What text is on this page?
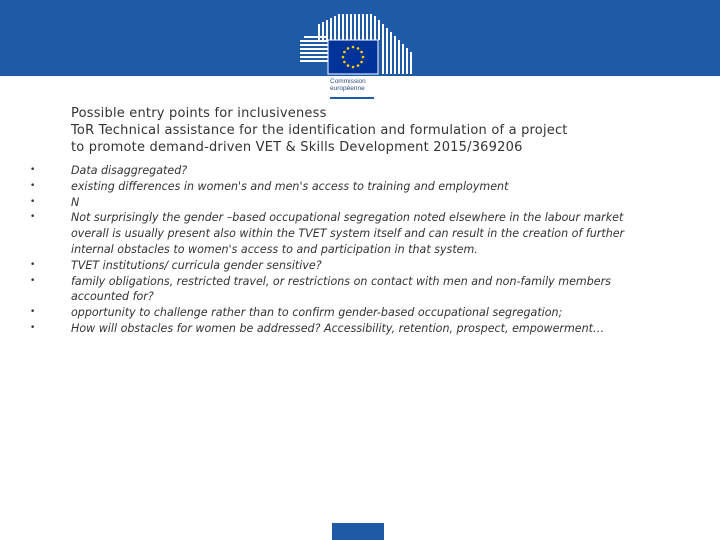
Commission
européenne
Possible entry points for inclusiveness
ToR Technical assistance for the identification and formulation of a project
to promote demand-driven VET & Skills Development 2015/369206
•	Data disaggregated?
•	existing differences in women's and men's access to training and employment
•	N
•	Not surprisingly the gender –based occupational segregation noted elsewhere in the labour market
overall is usually present also within the TVET system itself and can result in the creation of further
internal obstacles to women's access to and participation in that system.
•	TVET institutions/ curricula gender sensitive?
•	family obligations, restricted travel, or restrictions on contact with men and non-family members
accounted for?
•	opportunity to challenge rather than to confirm gender-based occupational segregation;
•	How will obstacles for women be addressed? Accessibility, retention, prospect, empowerment…
